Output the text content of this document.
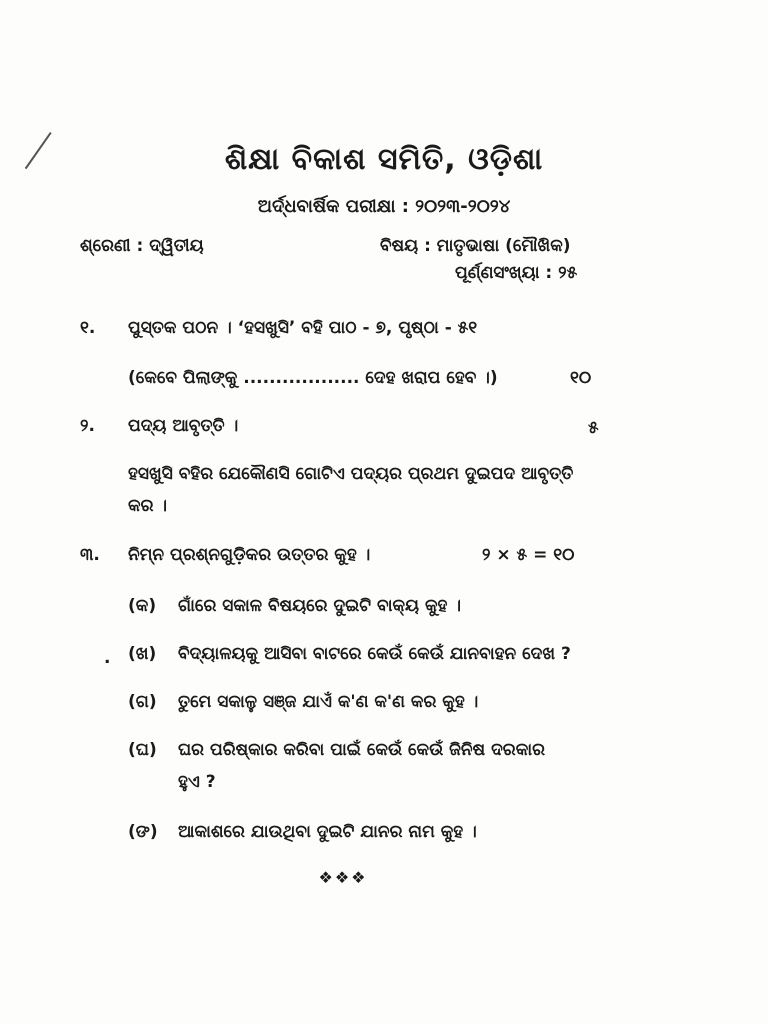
ଶିକ୍ଷା ବିକାଶ ସମିତି, ଓଡ଼ିଶା
ଅର୍ଦ୍ଧବାର୍ଷିକ ପରୀକ୍ଷା : ୨୦୨୩-୨୦୨୪
ଶ୍ରେଣୀ : ଦ୍ୱିତୀୟ	ବିଷୟ : ମାତୃଭାଷା (ମୌଖିକ)
ପୂର୍ଣ୍ଣସଂଖ୍ୟା : ୨୫
୧. ପୁସ୍ତକ ପଠନ । ‘ହସଖୁସି’ ବହି ପାଠ - ୭, ପୃଷ୍ଠା - ୫୧
(କେବେ ପିଲାଙ୍କୁ .................. ଦେହ ଖରାପ ହେବ ।)	୧୦
୨. ପଦ୍ୟ ଆବୃତ୍ତି ।	୫
ହସଖୁସି ବହିର ଯେକୌଣସି ଗୋଟିଏ ପଦ୍ୟର ପ୍ରଥମ ଦୁଇପଦ ଆବୃତ୍ତି
କର ।
୩. ନିମ୍ନ ପ୍ରଶ୍ନଗୁଡ଼ିକର ଉତ୍ତର କୁହ ।	୨ × ୫ = ୧୦
(କ) ଗାଁରେ ସକାଳ ବିଷୟରେ ଦୁଇଟି ବାକ୍ୟ କୁହ ।
. (ଖ) ବିଦ୍ୟାଳୟକୁ ଆସିବା ବାଟରେ କେଉଁ କେଉଁ ଯାନବାହନ ଦେଖ ?
(ଗ) ତୁମେ ସକାଳୁ ସଞ୍ଜ ଯାଏଁ କ'ଣ କ'ଣ କର କୁହ ।
(ଘ) ଘର ପରିଷ୍କାର କରିବା ପାଇଁ କେଉଁ କେଉଁ ଜିନିଷ ଦରକାର
ହୁଏ ?
(ଙ) ଆକାଶରେ ଯାଉଥିବା ଦୁଇଟି ଯାନର ନାମ କୁହ ।
❖❖❖
